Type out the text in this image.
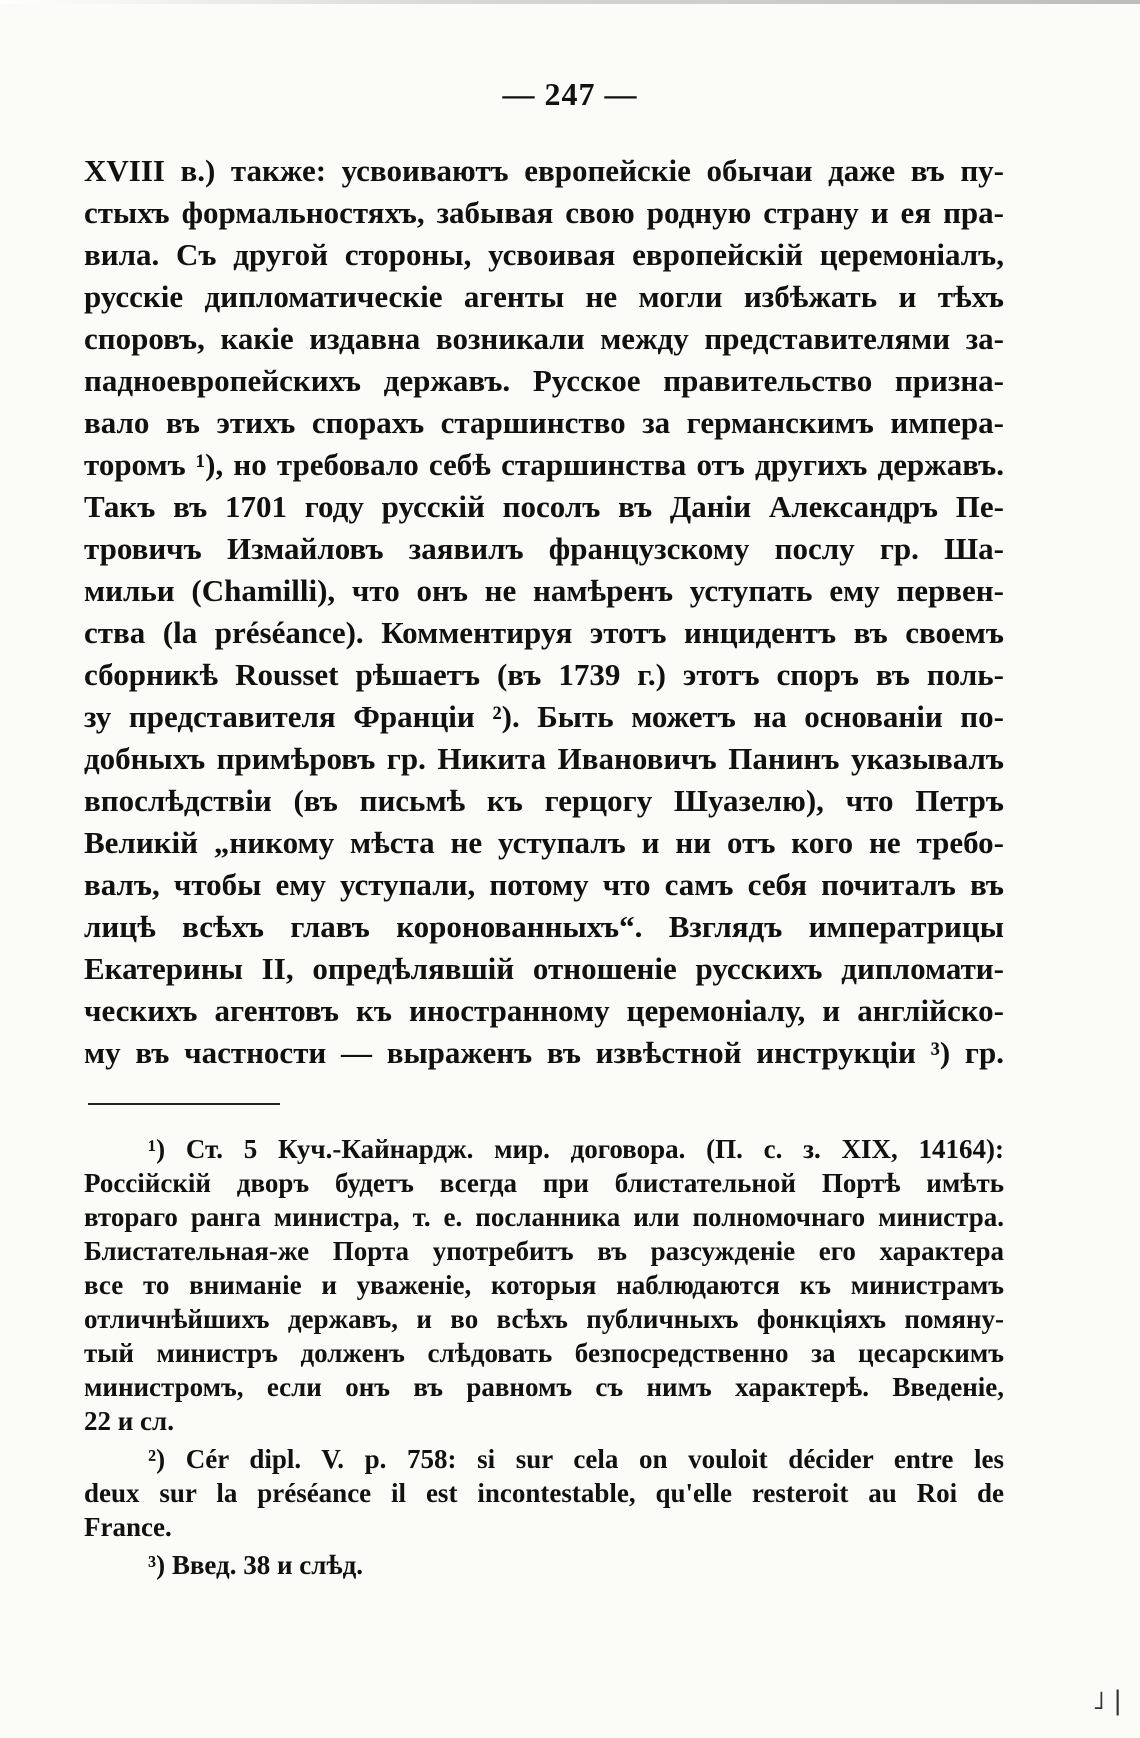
— 247 —
XVIII в.) также: усвоиваютъ европейскiе обычаи даже въ пу-
стыхъ формальностяхъ, забывая свою родную страну и ея пра-
вила. Съ другой стороны, усвоивая европейскiй церемонiалъ,
русскiе дипломатическiе агенты не могли избѣжать и тѣхъ
споровъ, какiе издавна возникали между представителями за-
падноевропейскихъ державъ. Русское правительство призна-
вало въ этихъ спорахъ старшинство за германскимъ импера-
торомъ ¹), но требовало себѣ старшинства отъ другихъ державъ.
Такъ въ 1701 году русскiй посолъ въ Данiи Александръ Пе-
тровичъ Измайловъ заявилъ французскому послу гр. Ша-
мильи (Chamilli), что онъ не намѣренъ уступать ему первен-
ства (la préséance). Комментируя этотъ инцидентъ въ своемъ
сборникѣ Rousset рѣшаетъ (въ 1739 г.) этотъ споръ въ поль-
зу представителя Францiи ²). Быть можетъ на основанiи по-
добныхъ примѣровъ гр. Никита Ивановичъ Панинъ указывалъ
впослѣдствiи (въ письмѣ къ герцогу Шуазелю), что Петръ
Великiй „никому мѣста не уступалъ и ни отъ кого не требо-
валъ, чтобы ему уступали, потому что самъ себя почиталъ въ
лицѣ всѣхъ главъ коронованныхъ“. Взглядъ императрицы
Екатерины II, опредѣлявшiй отношенiе русскихъ дипломати-
ческихъ агентовъ къ иностранному церемонiалу, и англiйско-
му въ частности — выраженъ въ извѣстной инструкцiи ³) гр.
¹) Ст. 5 Куч.-Кайнардж. мир. договора. (П. с. з. XIX, 14164):
Россiйскiй дворъ будетъ всегда при блистательной Портѣ имѣть
втораго ранга министра, т. е. посланника или полномочнаго министра.
Блистательная-же Порта употребитъ въ разсужденiе его характера
все то вниманiе и уваженiе, которыя наблюдаются къ министрамъ
отличнѣйшихъ державъ, и во всѣхъ публичныхъ фонкцiяхъ помяну-
тый министръ долженъ слѣдовать безпосредственно за цесарскимъ
министромъ, если онъ въ равномъ съ нимъ характерѣ. Введенiе,
22 и сл.
²) Cér dipl. V. p. 758: si sur cela on vouloit décider entre les
deux sur la préséance il est incontestable, qu'elle resteroit au Roi de
France.
³) Введ. 38 и слѣд.
˩ |
